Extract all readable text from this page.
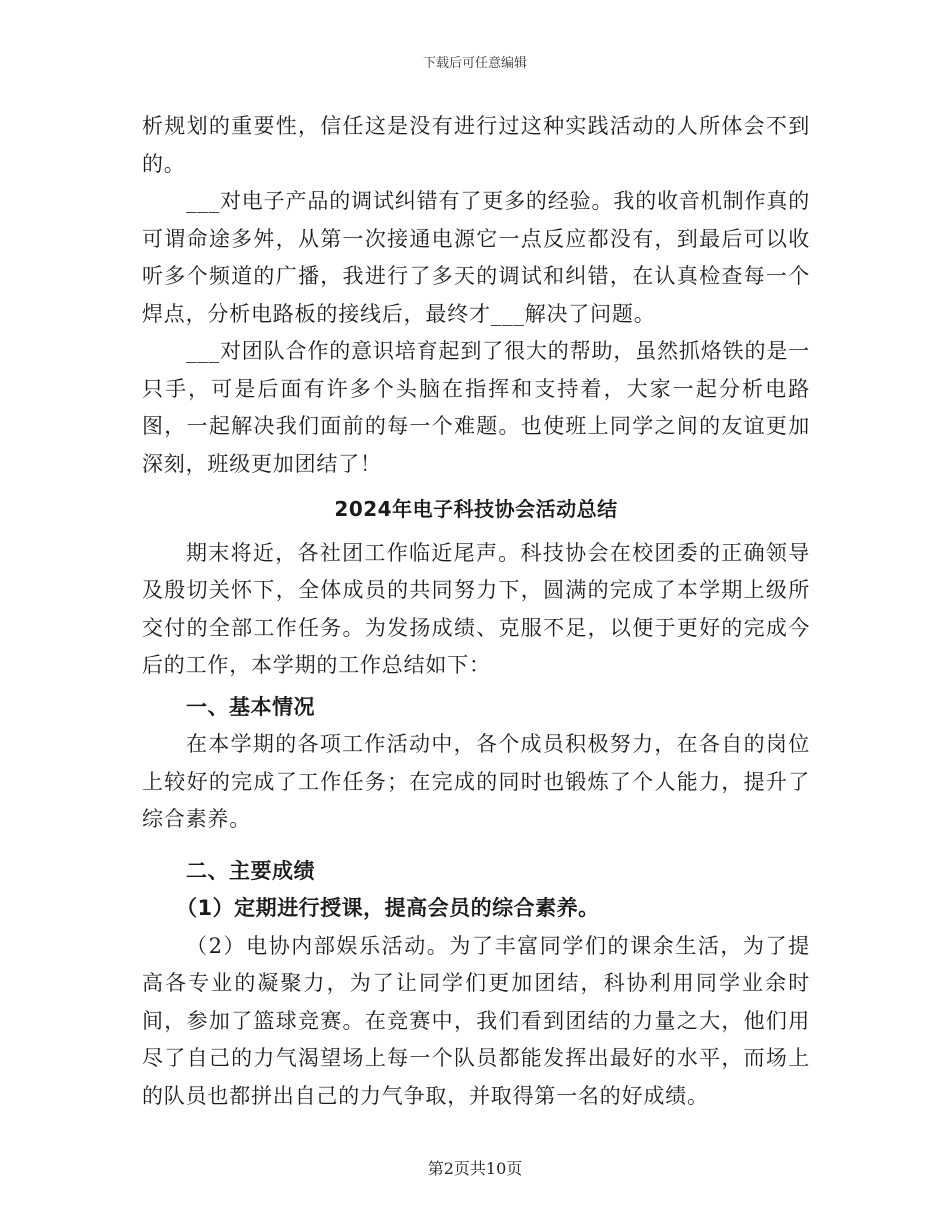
下载后可任意编辑

析规划的重要性，信任这是没有进行过这种实践活动的人所体会不到的。

___对电子产品的调试纠错有了更多的经验。我的收音机制作真的可谓命途多舛，从第一次接通电源它一点反应都没有，到最后可以收听多个频道的广播，我进行了多天的调试和纠错，在认真检查每一个焊点，分析电路板的接线后，最终才___解决了问题。

___对团队合作的意识培育起到了很大的帮助，虽然抓烙铁的是一只手，可是后面有许多个头脑在指挥和支持着，大家一起分析电路图，一起解决我们面前的每一个难题。也使班上同学之间的友谊更加深刻，班级更加团结了！

2024年电子科技协会活动总结

期末将近，各社团工作临近尾声。科技协会在校团委的正确领导及殷切关怀下，全体成员的共同努力下，圆满的完成了本学期上级所交付的全部工作任务。为发扬成绩、克服不足，以便于更好的完成今后的工作，本学期的工作总结如下：

一、基本情况

在本学期的各项工作活动中，各个成员积极努力，在各自的岗位上较好的完成了工作任务；在完成的同时也锻炼了个人能力，提升了综合素养。

二、主要成绩
（1）定期进行授课，提高会员的综合素养。

（2）电协内部娱乐活动。为了丰富同学们的课余生活，为了提高各专业的凝聚力，为了让同学们更加团结，科协利用同学业余时间，参加了篮球竞赛。在竞赛中，我们看到团结的力量之大，他们用尽了自己的力气渴望场上每一个队员都能发挥出最好的水平，而场上的队员也都拼出自己的力气争取，并取得第一名的好成绩。

第2页共10页
